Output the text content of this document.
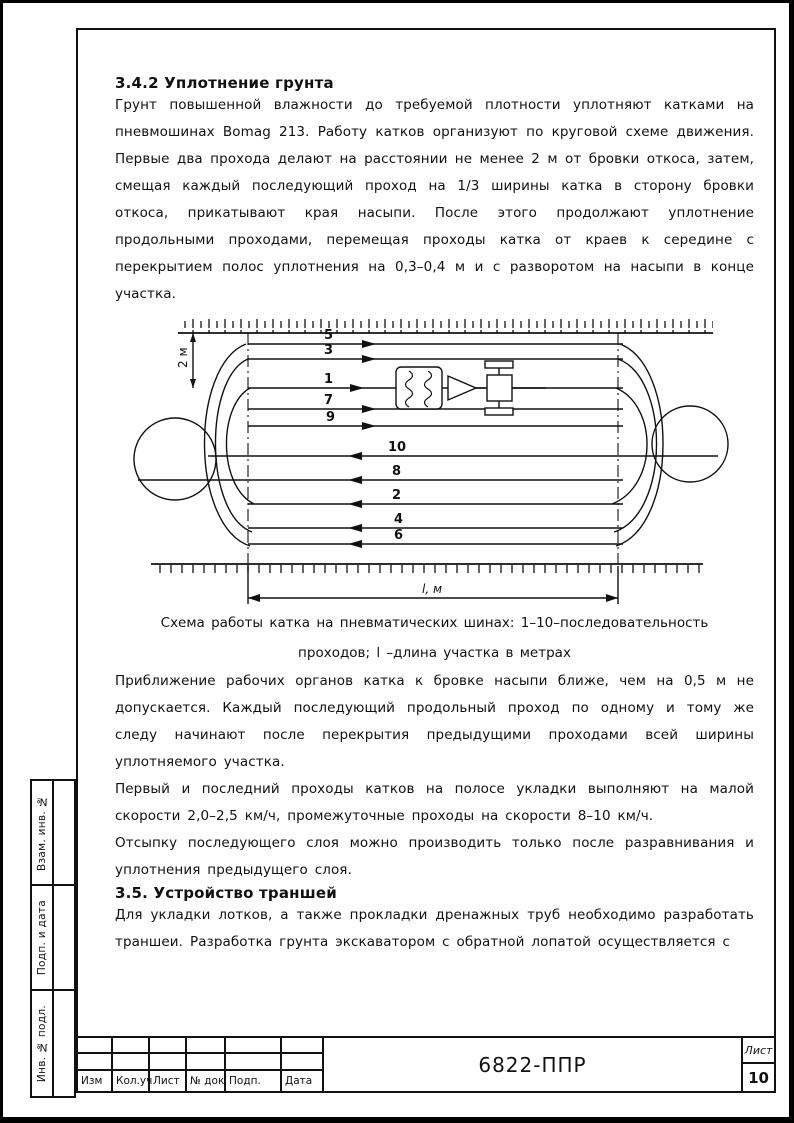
3.4.2 Уплотнение грунта

Грунт повышенной влажности до требуемой плотности уплотняют катками на пневмошинах Bomag 213. Работу катков организуют по круговой схеме движения. Первые два прохода делают на расстоянии не менее 2 м от бровки откоса, затем, смещая каждый последующий проход на 1/3 ширины катка в сторону бровки откоса, прикатывают края насыпи. После этого продолжают уплотнение продольными проходами, перемещая проходы катка от краев к середине с перекрытием полос уплотнения на 0,3–0,4 м и с разворотом на насыпи в конце участка.

2 м
5
3
1
7
9
10
8
2
4
6
l, м
Схема работы катка на пневматических шинах: 1–10–последовательность
проходов; l –длина участка в метрах

Приближение рабочих органов катка к бровке насыпи ближе, чем на 0,5 м не допускается. Каждый последующий продольный проход по одному и тому же следу начинают после перекрытия предыдущими проходами всей ширины уплотняемого участка.

Первый и последний проходы катков на полосе укладки выполняют на малой скорости 2,0–2,5 км/ч, промежуточные проходы на скорости 8–10 км/ч.

Отсыпку последующего слоя можно производить только после разравнивания и уплотнения предыдущего слоя.

3.5. Устройство траншей

Для укладки лотков, а также прокладки дренажных труб необходимо разработать траншеи. Разработка грунта экскаватором с обратной лопатой осуществляется с

Изм	Кол.уч Лист № док Подп.	Дата
6822-ППР
Лист
10
Взам. инв. №
Подп. и дата
Инв. № подл.
